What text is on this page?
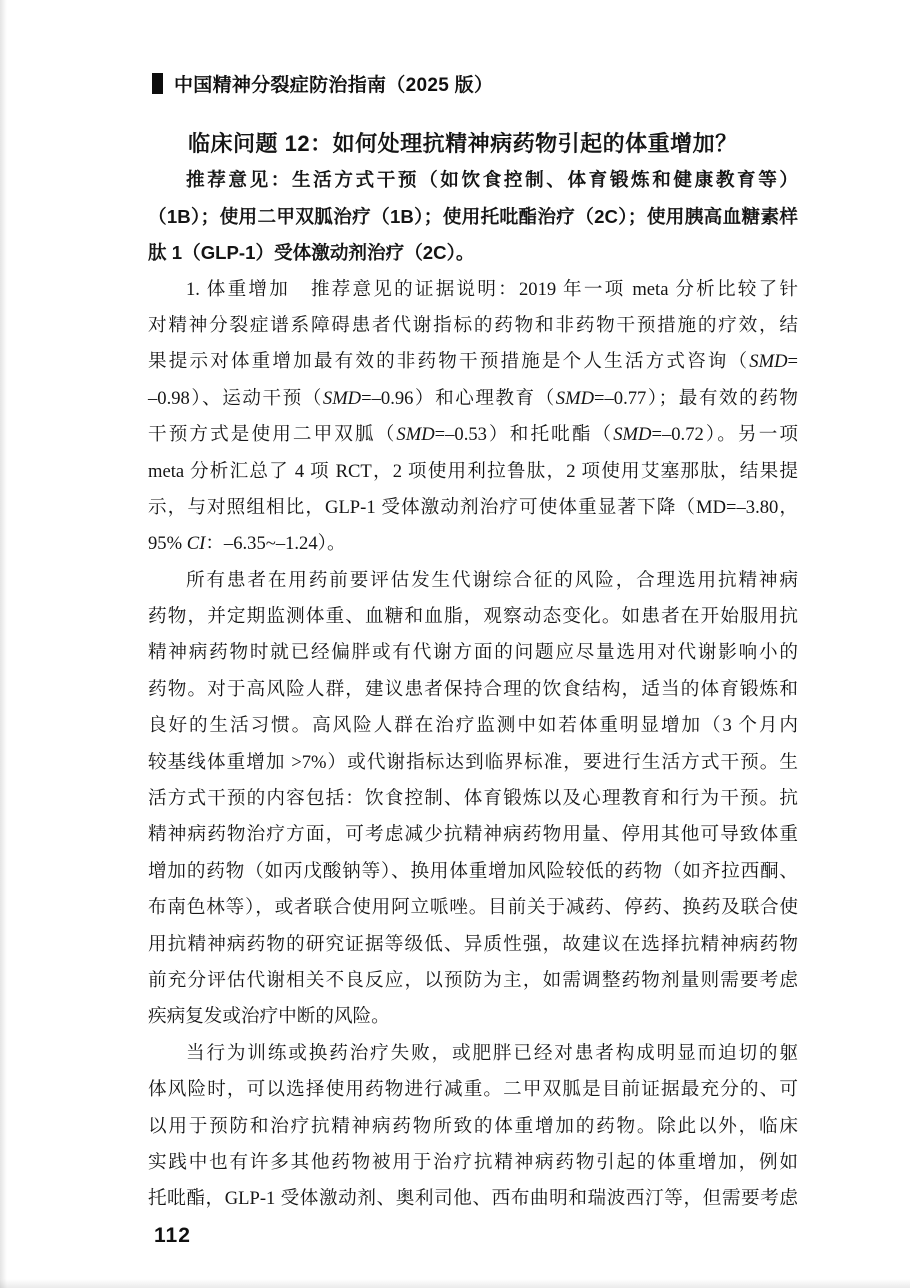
中国精神分裂症防治指南（2025 版）
临床问题 12：如何处理抗精神病药物引起的体重增加？
推荐意见：生活方式干预（如饮食控制、体育锻炼和健康教育等）
（1B）；使用二甲双胍治疗（1B）；使用托吡酯治疗（2C）；使用胰高血糖素样
肽 1（GLP-1）受体激动剂治疗（2C）。
1. 体重增加　推荐意见的证据说明：2019 年一项 meta 分析比较了针
对精神分裂症谱系障碍患者代谢指标的药物和非药物干预措施的疗效，结
果提示对体重增加最有效的非药物干预措施是个人生活方式咨询（SMD=
–0.98）、运动干预（SMD=–0.96）和心理教育（SMD=–0.77）；最有效的药物
干预方式是使用二甲双胍（SMD=–0.53）和托吡酯（SMD=–0.72）。另一项
meta 分析汇总了 4 项 RCT，2 项使用利拉鲁肽，2 项使用艾塞那肽，结果提
示，与对照组相比，GLP-1 受体激动剂治疗可使体重显著下降（MD=–3.80，
95% CI：–6.35~–1.24）。
所有患者在用药前要评估发生代谢综合征的风险，合理选用抗精神病
药物，并定期监测体重、血糖和血脂，观察动态变化。如患者在开始服用抗
精神病药物时就已经偏胖或有代谢方面的问题应尽量选用对代谢影响小的
药物。对于高风险人群，建议患者保持合理的饮食结构，适当的体育锻炼和
良好的生活习惯。高风险人群在治疗监测中如若体重明显增加（3 个月内
较基线体重增加 >7%）或代谢指标达到临界标准，要进行生活方式干预。生
活方式干预的内容包括：饮食控制、体育锻炼以及心理教育和行为干预。抗
精神病药物治疗方面，可考虑减少抗精神病药物用量、停用其他可导致体重
增加的药物（如丙戊酸钠等）、换用体重增加风险较低的药物（如齐拉西酮、
布南色林等），或者联合使用阿立哌唑。目前关于减药、停药、换药及联合使
用抗精神病药物的研究证据等级低、异质性强，故建议在选择抗精神病药物
前充分评估代谢相关不良反应，以预防为主，如需调整药物剂量则需要考虑
疾病复发或治疗中断的风险。
当行为训练或换药治疗失败，或肥胖已经对患者构成明显而迫切的躯
体风险时，可以选择使用药物进行减重。二甲双胍是目前证据最充分的、可
以用于预防和治疗抗精神病药物所致的体重增加的药物。除此以外，临床
实践中也有许多其他药物被用于治疗抗精神病药物引起的体重增加，例如
托吡酯，GLP-1 受体激动剂、奥利司他、西布曲明和瑞波西汀等，但需要考虑
112
